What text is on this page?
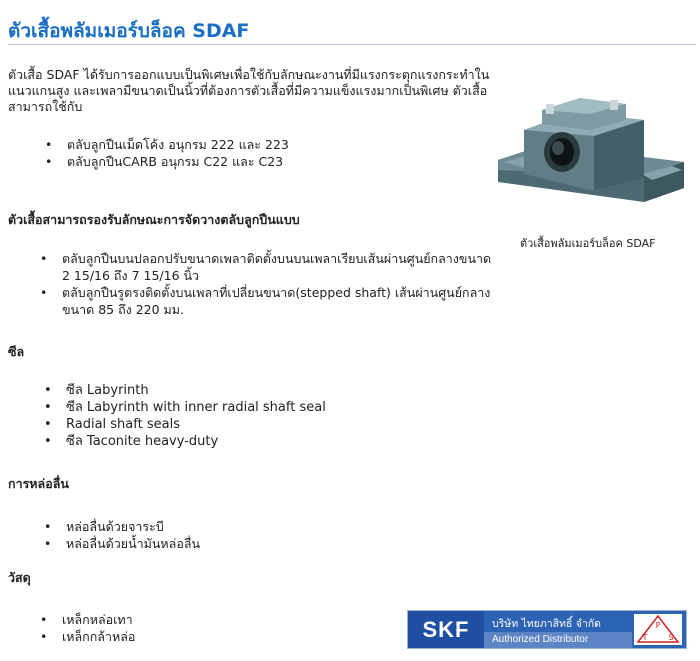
ตัวเสื้อพลัมเมอร์บล็อค SDAF

ตัวเสื้อ SDAF ได้รับการออกแบบเป็นพิเศษเพื่อใช้กับลักษณะงานที่มีแรงกระตุกแรงกระทำในแนวแกนสูง และเพลามีขนาดเป็นนิ้วที่ต้องการตัวเสื้อที่มีความแข็งแรงมากเป็นพิเศษ ตัวเสื้อสามารถใช้กับ

• ตลับลูกปืนเม็ดโค้ง อนุกรม 222 และ 223
• ตลับลูกปืนCARB อนุกรม C22 และ C23
ตัวเสื้อพลัมเมอร์บล็อค SDAF
ตัวเสื้อสามารถรองรับลักษณะการจัดวางตลับลูกปืนแบบ
• ตลับลูกปืนบนปลอกปรับขนาดเพลาติดตั้งบนบนเพลาเรียบเส้นผ่านศูนย์กลางขนาด 2 15/16 ถึง 7 15/16 นิ้ว
• ตลับลูกปืนรูตรงติดตั้งบนเพลาที่เปลี่ยนขนาด(stepped shaft) เส้นผ่านศูนย์กลางขนาด 85 ถึง 220 มม.
ซีล
• ซีล Labyrinth
• ซีล Labyrinth with inner radial shaft seal
• Radial shaft seals
• ซีล Taconite heavy-duty
การหล่อลื่น
• หล่อลื่นด้วยจาระบี
• หล่อลื่นด้วยน้ำมันหล่อลื่น
วัสดุ
• เหล็กหล่อเทา
• เหล็กกล้าหล่อ	SKF	บริษัท ไทยภาสิทธิ์ จำกัด
Authorized Distributor
P
T	S
